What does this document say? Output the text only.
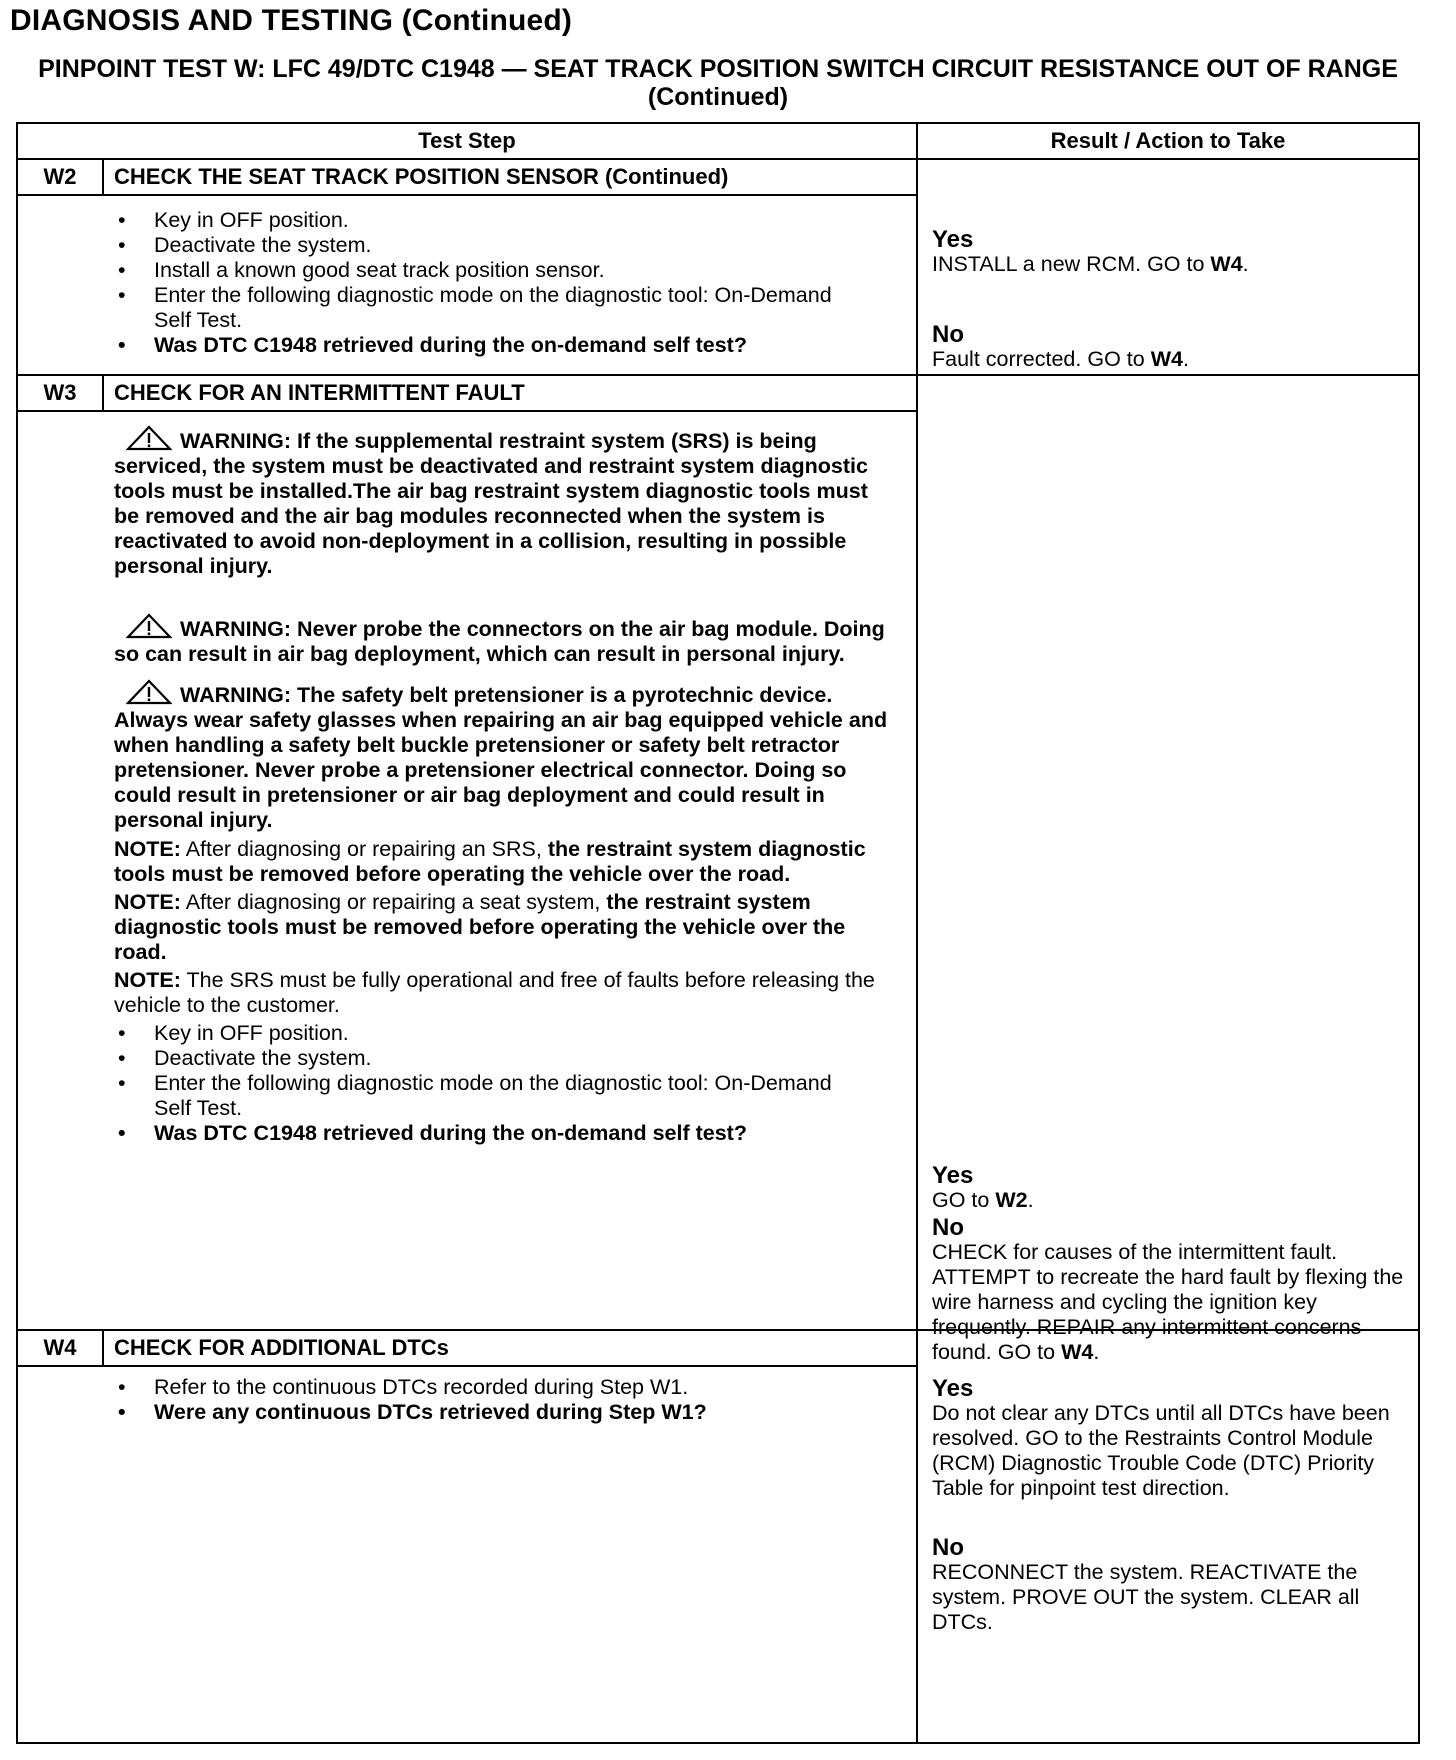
DIAGNOSIS AND TESTING (Continued)
PINPOINT TEST W: LFC 49/DTC C1948 — SEAT TRACK POSITION SWITCH CIRCUIT RESISTANCE OUT OF RANGE (Continued)
Test Step	Result / Action to Take
W2	CHECK THE SEAT TRACK POSITION SENSOR (Continued)
• Key in OFF position.
• Deactivate the system.
• Install a known good seat track position sensor.
• Enter the following diagnostic mode on the diagnostic tool: On-Demand Self Test.
• Was DTC C1948 retrieved during the on-demand self test?
Yes
INSTALL a new RCM. GO to W4.
No
Fault corrected. GO to W4.
W3	CHECK FOR AN INTERMITTENT FAULT
WARNING: If the supplemental restraint system (SRS) is being serviced, the system must be deactivated and restraint system diagnostic tools must be installed.The air bag restraint system diagnostic tools must be removed and the air bag modules reconnected when the system is reactivated to avoid non-deployment in a collision, resulting in possible personal injury.
WARNING: Never probe the connectors on the air bag module. Doing so can result in air bag deployment, which can result in personal injury.
WARNING: The safety belt pretensioner is a pyrotechnic device. Always wear safety glasses when repairing an air bag equipped vehicle and when handling a safety belt buckle pretensioner or safety belt retractor pretensioner. Never probe a pretensioner electrical connector. Doing so could result in pretensioner or air bag deployment and could result in personal injury.
NOTE: After diagnosing or repairing an SRS, the restraint system diagnostic tools must be removed before operating the vehicle over the road.
NOTE: After diagnosing or repairing a seat system, the restraint system diagnostic tools must be removed before operating the vehicle over the road.
NOTE: The SRS must be fully operational and free of faults before releasing the vehicle to the customer.
• Key in OFF position.
• Deactivate the system.
• Enter the following diagnostic mode on the diagnostic tool: On-Demand Self Test.
• Was DTC C1948 retrieved during the on-demand self test?
Yes
GO to W2.
No
CHECK for causes of the intermittent fault. ATTEMPT to recreate the hard fault by flexing the wire harness and cycling the ignition key frequently. REPAIR any intermittent concerns found. GO to W4.
W4	CHECK FOR ADDITIONAL DTCs
• Refer to the continuous DTCs recorded during Step W1.
• Were any continuous DTCs retrieved during Step W1?
Yes
Do not clear any DTCs until all DTCs have been resolved. GO to the Restraints Control Module (RCM) Diagnostic Trouble Code (DTC) Priority Table for pinpoint test direction.
No
RECONNECT the system. REACTIVATE the system. PROVE OUT the system. CLEAR all DTCs.
